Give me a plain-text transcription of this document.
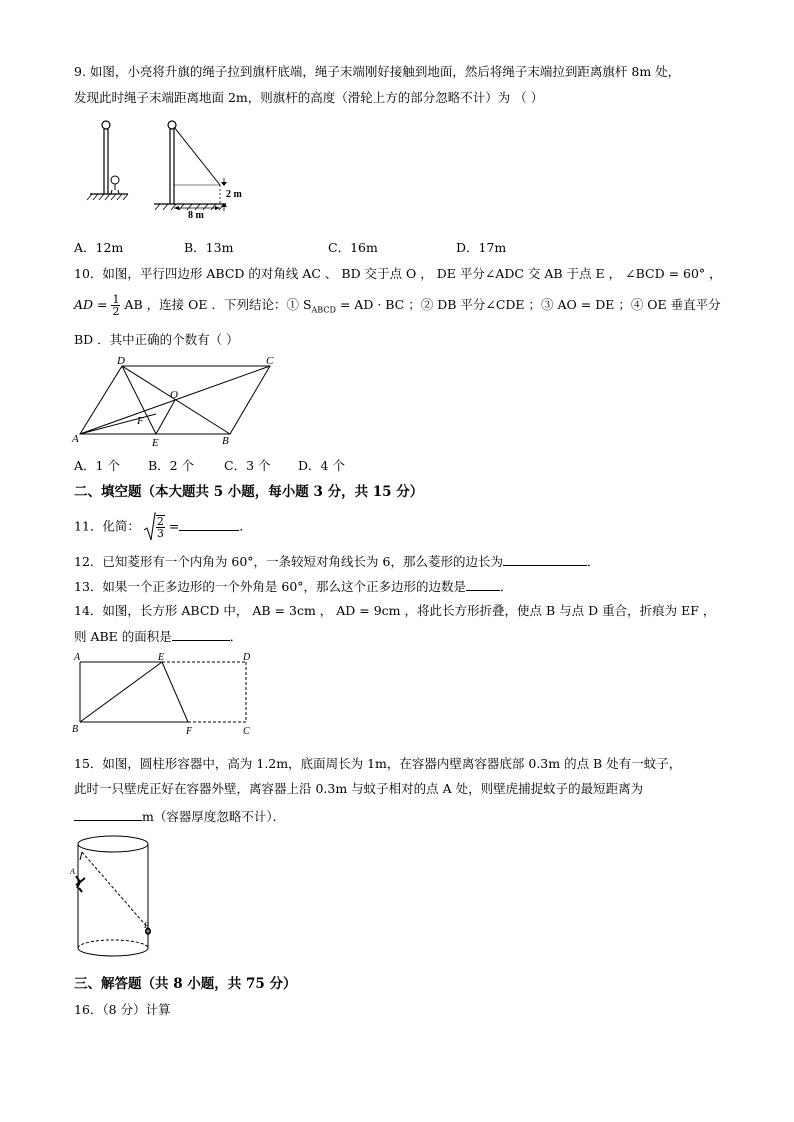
9. 如图，小亮将升旗的绳子拉到旗杆底端，绳子末端刚好接触到地面，然后将绳子末端拉到距离旗杆 8m 处，
发现此时绳子末端距离地面 2m，则旗杆的高度（滑轮上方的部分忽略不计）为 （ ）
2 m
8 m
A．12m	B．13m	C．16m	D．17m
10．如图，平行四边形 ABCD 的对角线 AC 、 BD 交于点 O ， DE 平分∠ADC 交 AB 于点 E ， ∠BCD = 60° ，
AD = $\frac{1}{2}$ AB ，连接 OE ．下列结论：① $S_{ABCD}$ = AD · BC ；② DB 平分∠CDE ；③ AO = DE ；④ OE 垂直平分
BD ．其中正确的个数有（ ）
D	C
O
F
A	E	B
A．1 个 B．2 个 C．3 个 D．4 个
二、填空题（本大题共 5 小题，每小题 3 分，共 15 分）
11．化简： $\frac{2}{3}$ =	．
12．已知菱形有一个内角为 60°，一条较短对角线长为 6，那么菱形的边长为	．
13．如果一个正多边形的一个外角是 60°，那么这个正多边形的边数是	．
14．如图，长方形 ABCD 中， AB = 3cm ， AD = 9cm ，将此长方形折叠，使点 B 与点 D 重合，折痕为 EF ，
则 ABE 的面积是	．
A	E	D
B	F	C
15．如图，圆柱形容器中，高为 1.2m，底面周长为 1m，在容器内壁离容器底部 0.3m 的点 B 处有一蚊子，
此时一只壁虎正好在容器外壁，离容器上沿 0.3m 与蚊子相对的点 A 处，则壁虎捕捉蚊子的最短距离为
m（容器厚度忽略不计）．
A
B
三、解答题（共 8 小题，共 75 分）
16．（8 分）计算
